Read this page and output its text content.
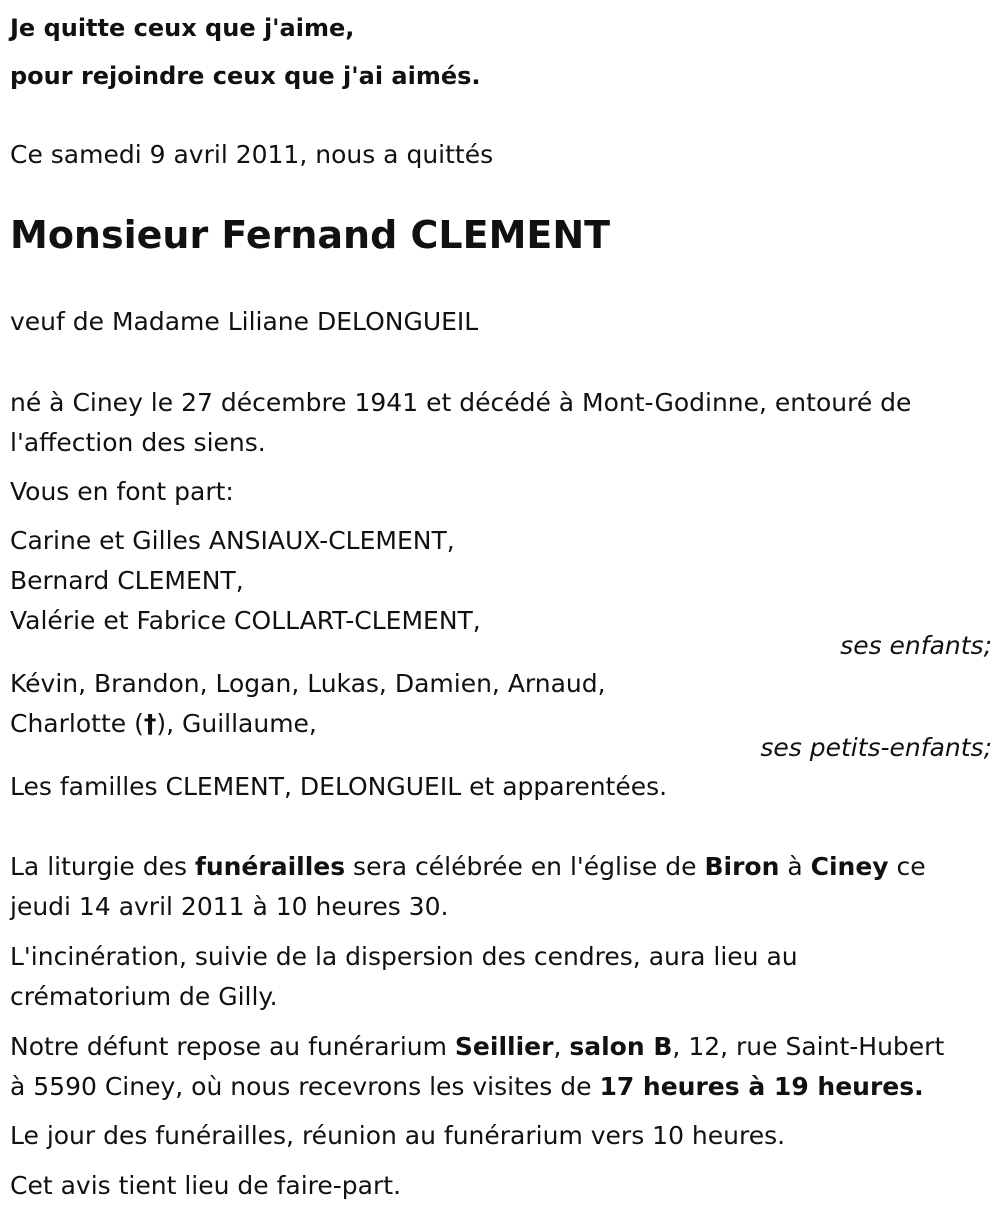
Je quitte ceux que j'aime,
pour rejoindre ceux que j'ai aimés.
Ce samedi 9 avril 2011, nous a quittés
Monsieur Fernand CLEMENT
veuf de Madame Liliane DELONGUEIL
né à Ciney le 27 décembre 1941 et décédé à Mont-Godinne, entouré de
l'affection des siens.
Vous en font part:
Carine et Gilles ANSIAUX-CLEMENT,
Bernard CLEMENT,
Valérie et Fabrice COLLART-CLEMENT,
ses enfants;
Kévin, Brandon, Logan, Lukas, Damien, Arnaud,
Charlotte (†), Guillaume,
ses petits-enfants;
Les familles CLEMENT, DELONGUEIL et apparentées.
La liturgie des funérailles sera célébrée en l'église de Biron à Ciney ce
jeudi 14 avril 2011 à 10 heures 30.
L'incinération, suivie de la dispersion des cendres, aura lieu au
crématorium de Gilly.
Notre défunt repose au funérarium Seillier, salon B, 12, rue Saint-Hubert
à 5590 Ciney, où nous recevrons les visites de 17 heures à 19 heures.
Le jour des funérailles, réunion au funérarium vers 10 heures.
Cet avis tient lieu de faire-part.
